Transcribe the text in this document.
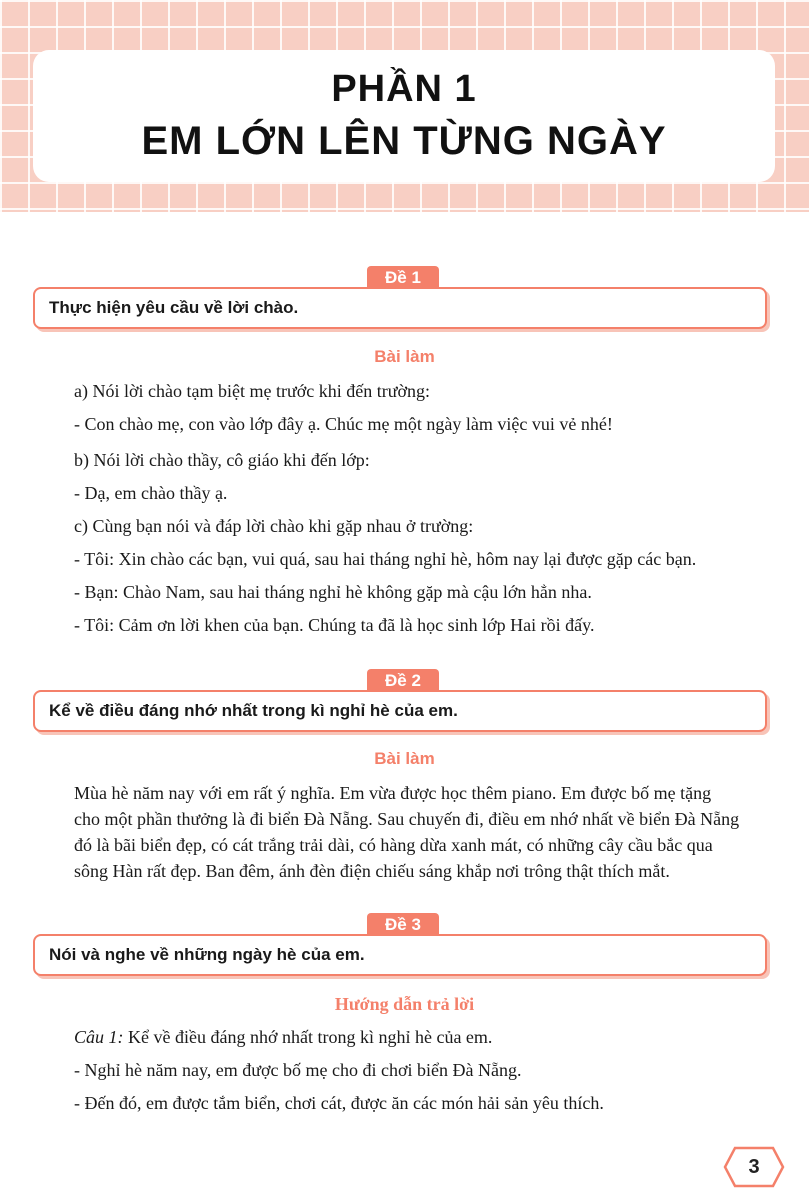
PHẦN 1
EM LỚN LÊN TỪNG NGÀY
Đề 1
Thực hiện yêu cầu về lời chào.
Bài làm
a) Nói lời chào tạm biệt mẹ trước khi đến trường:
- Con chào mẹ, con vào lớp đây ạ. Chúc mẹ một ngày làm việc vui vẻ nhé!
b) Nói lời chào thầy, cô giáo khi đến lớp:
- Dạ, em chào thầy ạ.
c) Cùng bạn nói và đáp lời chào khi gặp nhau ở trường:
- Tôi: Xin chào các bạn, vui quá, sau hai tháng nghỉ hè, hôm nay lại được gặp các bạn.
- Bạn: Chào Nam, sau hai tháng nghỉ hè không gặp mà cậu lớn hẳn nha.
- Tôi: Cảm ơn lời khen của bạn. Chúng ta đã là học sinh lớp Hai rồi đấy.
Đề 2
Kể về điều đáng nhớ nhất trong kì nghỉ hè của em.
Bài làm
Mùa hè năm nay với em rất ý nghĩa. Em vừa được học thêm piano. Em được bố mẹ tặng
cho một phần thưởng là đi biển Đà Nẵng. Sau chuyến đi, điều em nhớ nhất về biển Đà Nẵng
đó là bãi biển đẹp, có cát trắng trải dài, có hàng dừa xanh mát, có những cây cầu bắc qua
sông Hàn rất đẹp. Ban đêm, ánh đèn điện chiếu sáng khắp nơi trông thật thích mắt.
Đề 3
Nói và nghe về những ngày hè của em.
Hướng dẫn trả lời
Câu 1: Kể về điều đáng nhớ nhất trong kì nghỉ hè của em.
- Nghỉ hè năm nay, em được bố mẹ cho đi chơi biển Đà Nẵng.
- Đến đó, em được tắm biển, chơi cát, được ăn các món hải sản yêu thích.
3
